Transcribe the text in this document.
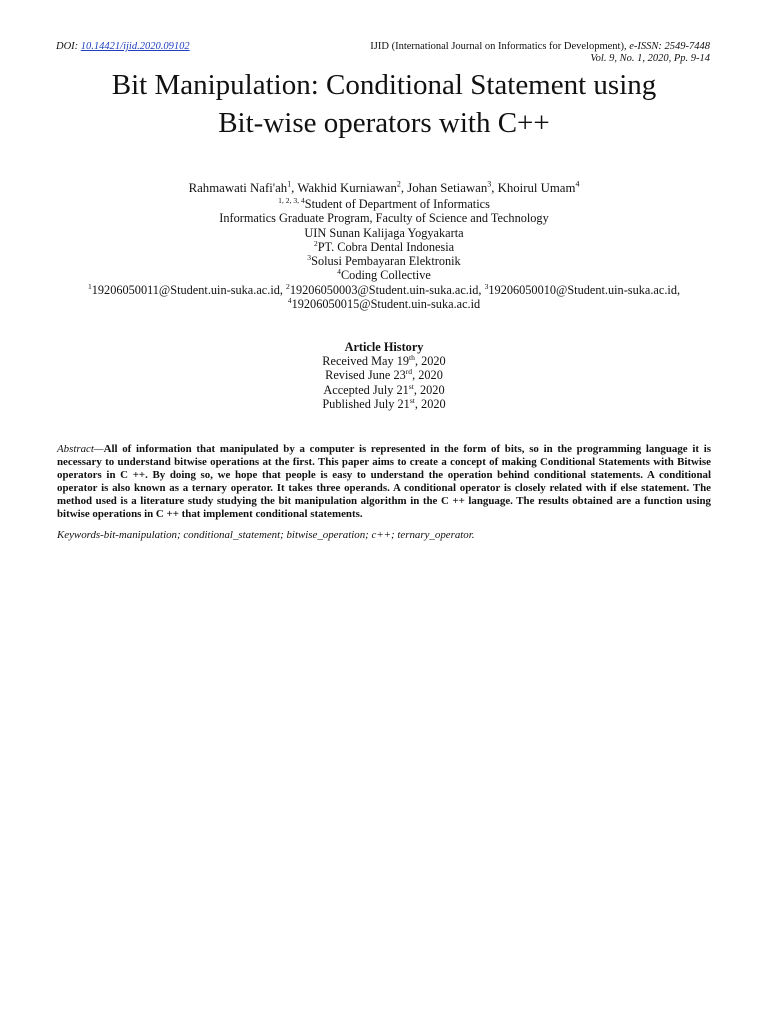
DOI: 10.14421/ijid.2020.09102	IJID (International Journal on Informatics for Development), e-ISSN: 2549-7448
Vol. 9, No. 1, 2020, Pp. 9-14
Bit Manipulation: Conditional Statement using
Bit-wise operators with C++
Rahmawati $Nafi'ah^1$, Wakhid Kurniawan$^2$, Johan Setiawan$^3$, Khoirul Umam$^4$
$^{1, 2, 3, 4}$Student of Department of Informatics
Informatics Graduate Program, Faculty of Science and Technology
UIN Sunan Kalijaga Yogyakarta
$^2$PT. Cobra Dental Indonesia
$^3$Solusi Pembayaran Elektronik
$^4$Coding Collective
$^1$19206050011@Student.uin-suka.ac.id, $^2$19206050003@Student.uin-suka.ac.id, $^3$19206050010@Student.uin-suka.ac.id,
$^4$19206050015@Student.uin-suka.ac.id
Article History
Received May 19th, 2020
Revised June 23rd, 2020
Accepted July 21st, 2020
Published July 21st, 2020
Abstract—All of information that manipulated by a computer is represented in the form of bits, so in the programming language it is necessary to understand bitwise operations at the first. This paper aims to create a concept of making Conditional Statements with Bitwise operators in C ++. By doing so, we hope that people is easy to understand the operation behind conditional statements. A conditional operator is also known as a ternary operator. It takes three operands. A conditional operator is closely related with if else statement. The method used is a literature study studying the bit manipulation algorithm in the C ++ language. The results obtained are a function using bitwise operations in C ++ that implement conditional statements.
Keywords-bit-manipulation; conditional_statement; bitwise_operation; c++; ternary_operator.
